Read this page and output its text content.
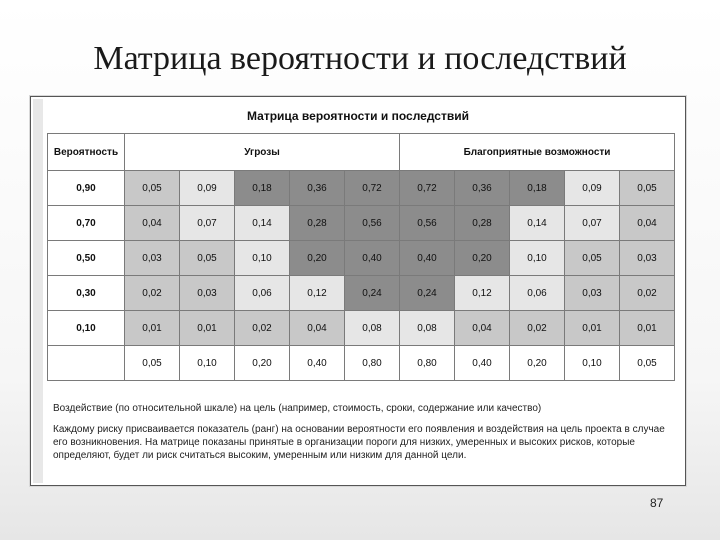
Матрица вероятности и последствий
Матрица вероятности и последствий
Вероятность	Угрозы					Благоприятные возможности				
0,90	0,05	0,09	0,18	0,36	0,72	0,72	0,36	0,18	0,09	0,05
0,70	0,04	0,07	0,14	0,28	0,56	0,56	0,28	0,14	0,07	0,04
0,50	0,03	0,05	0,10	0,20	0,40	0,40	0,20	0,10	0,05	0,03
0,30	0,02	0,03	0,06	0,12	0,24	0,24	0,12	0,06	0,03	0,02
0,10	0,01	0,01	0,02	0,04	0,08	0,08	0,04	0,02	0,01	0,01
	0,05	0,10	0,20	0,40	0,80	0,80	0,40	0,20	0,10	0,05
Воздействие (по относительной шкале) на цель (например, стоимость, сроки, содержание или качество)
Каждому риску присваивается показатель (ранг) на основании вероятности его появления и воздействия на цель проекта в случае его возникновения. На матрице показаны принятые в организации пороги для низких, умеренных и высоких рисков, которые определяют, будет ли риск считаться высоким, умеренным или низким для данной цели.
87
